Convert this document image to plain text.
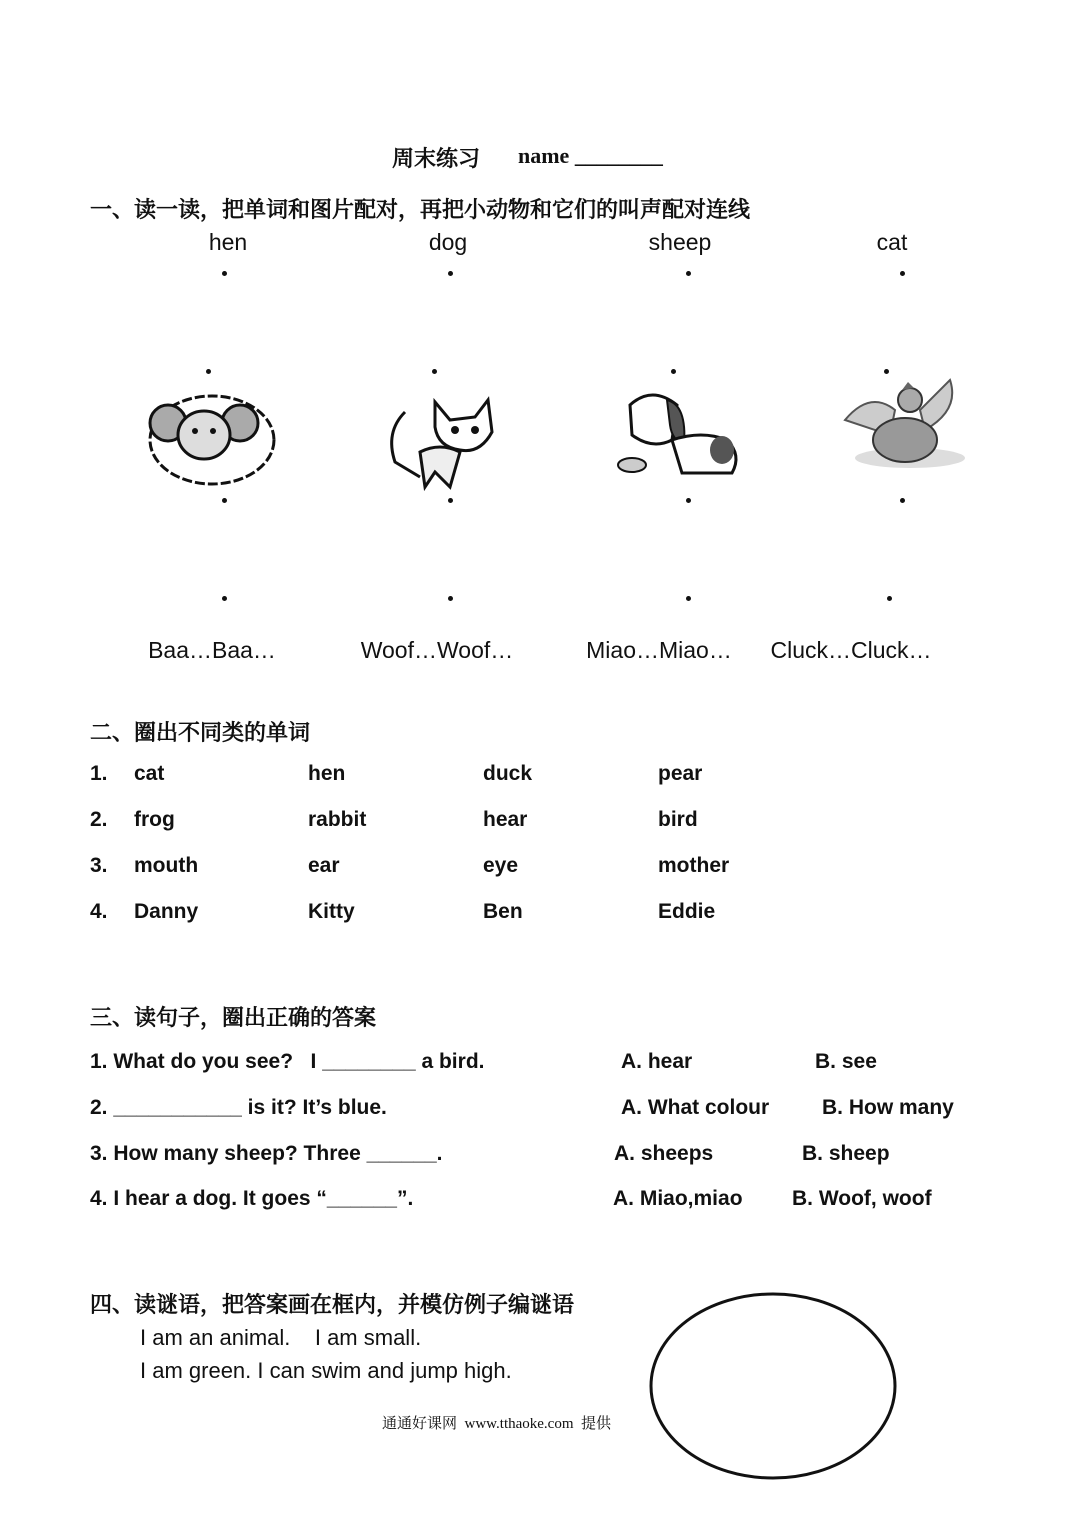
周末练习 name ________
一、读一读，把单词和图片配对，再把小动物和它们的叫声配对连线
hen	dog	sheep	cat
Baa…Baa…	Woof…Woof…	Miao…Miao… Cluck…Cluck…
二、圈出不同类的单词
1. cat	hen	duck	pear
2. frog	rabbit	hear	bird
3. mouth	ear	eye	mother
4. Danny	Kitty	Ben	Eddie
三、读句子，圈出正确的答案
1. What do you see?   I ________ a bird.	A. hear	B. see
2. ___________ is it? It’s blue.	A. What colour	B. How many
3. How many sheep? Three ______.	A. sheeps	B. sheep
4. I hear a dog. It goes “______”.	A. Miao,miao B. Woof, woof
四、读谜语，把答案画在框内，并模仿例子编谜语
I am an animal.    I am small.
I am green. I can swim and jump high.
通通好课网  www.tthaoke.com  提供
